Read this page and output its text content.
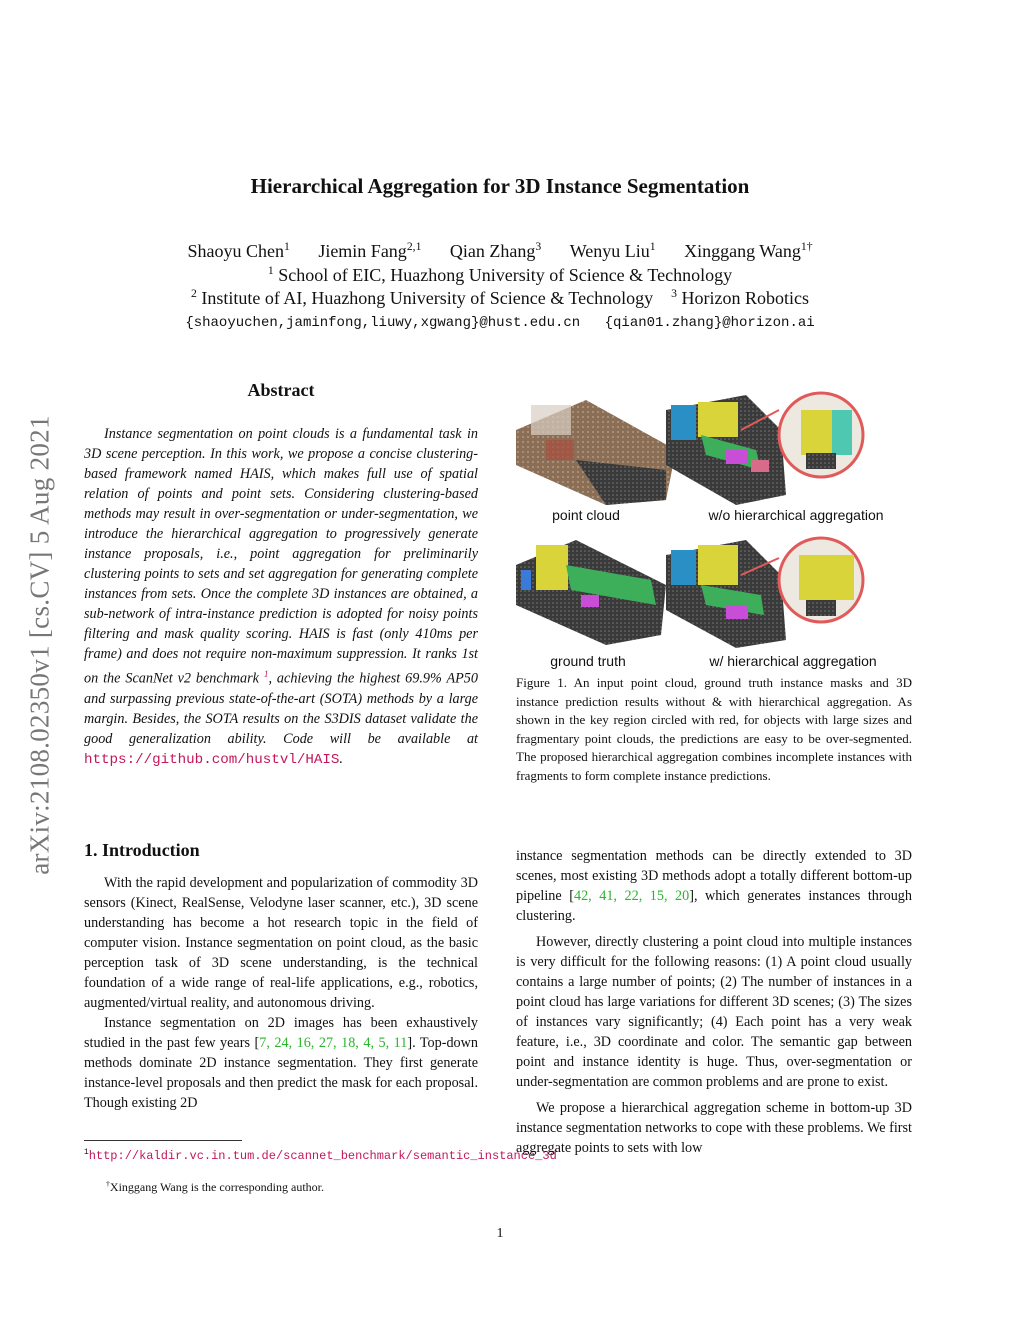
arXiv:2108.02350v1 [cs.CV] 5 Aug 2021
Hierarchical Aggregation for 3D Instance Segmentation
Shaoyu Chen$^1$ Jiemin Fang$^{2,1}$ Qian Zhang$^3$ Wenyu Liu$^1$ Xinggang Wang$^{1\dagger}$
$^1$ School of EIC, Huazhong University of Science & Technology
$^2$ Institute of AI, Huazhong University of Science & Technology $^3$ Horizon Robotics
{shaoyuchen,jaminfong,liuwy,xgwang}@hust.edu.cn {qian01.zhang}@horizon.ai
Abstract
Instance segmentation on point clouds is a fundamental task in 3D scene perception. In this work, we propose a concise clustering-based framework named HAIS, which makes full use of spatial relation of points and point sets. Considering clustering-based methods may result in over-segmentation or under-segmentation, we introduce the hierarchical aggregation to progressively generate instance proposals, i.e., point aggregation for preliminarily clustering points to sets and set aggregation for generating complete instances from sets. Once the complete 3D instances are obtained, a sub-network of intra-instance prediction is adopted for noisy points filtering and mask quality scoring. HAIS is fast (only 410ms per frame) and does not require non-maximum suppression. It ranks 1st on the ScanNet v2 benchmark $^1$, achieving the highest 69.9% AP50 and surpassing previous state-of-the-art (SOTA) methods by a large margin. Besides, the SOTA results on the S3DIS dataset validate the good generalization ability. Code will be available at https://github.com/hustvl/HAIS.
1. Introduction

With the rapid development and popularization of commodity 3D sensors (Kinect, RealSense, Velodyne laser scanner, etc.), 3D scene understanding has become a hot research topic in the field of computer vision. Instance segmentation on point cloud, as the basic perception task of 3D scene understanding, is the technical foundation of a wide range of real-life applications, e.g., robotics, augmented/virtual reality, and autonomous driving.

Instance segmentation on 2D images has been exhaustively studied in the past few years [7, 24, 16, 27, 18, 4, 5, 11]. Top-down methods dominate 2D instance segmentation. They first generate instance-level proposals and then predict the mask for each proposal. Though existing 2D

$^1$http://kaldir.vc.in.tum.de/scannet_benchmark/semantic_instance_3d
†Xinggang Wang is the corresponding author.
point cloud	w/o hierarchical aggregation
ground truth	w/ hierarchical aggregation
Figure 1. An input point cloud, ground truth instance masks and 3D instance prediction results without & with hierarchical aggregation. As shown in the key region circled with red, for objects with large sizes and fragmentary point clouds, the predictions are easy to be over-segmented. The proposed hierarchical aggregation combines incomplete instances with fragments to form complete instance predictions.

instance segmentation methods can be directly extended to 3D scenes, most existing 3D methods adopt a totally different bottom-up pipeline [42, 41, 22, 15, 20], which generates instances through clustering.

However, directly clustering a point cloud into multiple instances is very difficult for the following reasons: (1) A point cloud usually contains a large number of points; (2) The number of instances in a point cloud has large variations for different 3D scenes; (3) The sizes of instances vary significantly; (4) Each point has a very weak feature, i.e., 3D coordinate and color. The semantic gap between point and instance identity is huge. Thus, over-segmentation or under-segmentation are common problems and are prone to exist.

We propose a hierarchical aggregation scheme in bottom-up 3D instance segmentation networks to cope with these problems. We first aggregate points to sets with low

1
